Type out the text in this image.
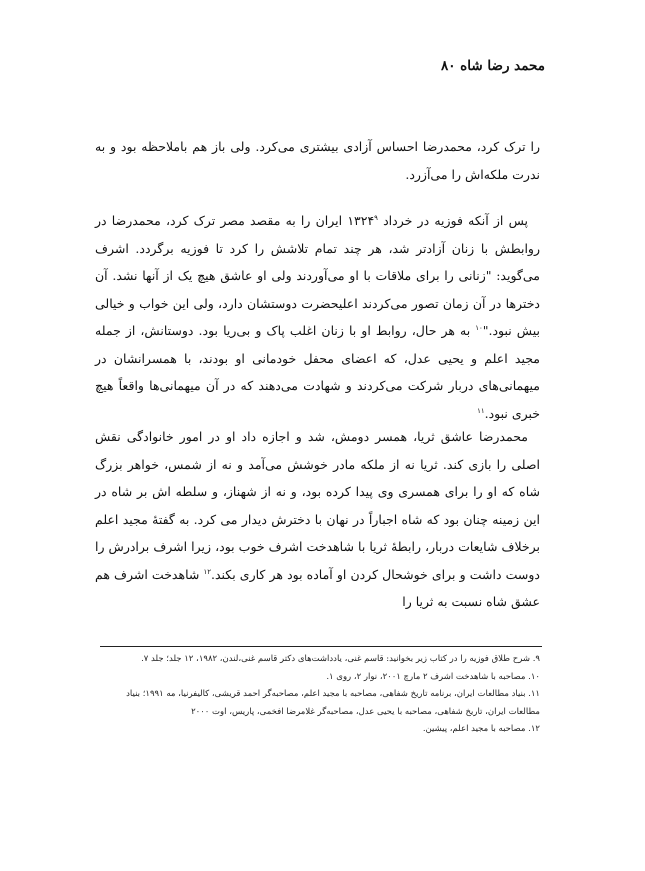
محمد رضا شاه ۸۰

را ترک کرد، محمدرضا احساس آزادی بیشتری می‌کرد. ولی باز هم باملاحظه بود و به ندرت ملکه‌اش را می‌آزرد.

پس از آنکه فوزیه در خرداد ۱۳۲۴$^۹$ ایران را به مقصد مصر ترک کرد، محمدرضا در روابطش با زنان آزادتر شد، هر چند تمام تلاشش را کرد تا فوزیه برگردد. اشرف می‌گوید: "زنانی را برای ملاقات با او می‌آوردند ولی او عاشق هیچ یک از آنها نشد. آن دخترها در آن زمان تصور می‌کردند اعلیحضرت دوستشان دارد، ولی این خواب و خیالی بیش نبود."$^{۱۰}$ به هر حال، روابط او با زنان اغلب پاک و بی‌ریا بود. دوستانش، از جمله مجید اعلم و یحیی عدل، که اعضای محفل خودمانی او بودند، با همسرانشان در میهمانی‌های دربار شرکت می‌کردند و شهادت می‌دهند که در آن میهمانی‌ها واقعاً هیچ خبری نبود.$^{۱۱}$

محمدرضا عاشق ثریا، همسر دومش، شد و اجازه داد او در امور خانوادگی نقش اصلی را بازی کند. ثریا نه از ملکه مادر خوشش می‌آمد و نه از شمس، خواهر بزرگ شاه که او را برای همسری وی پیدا کرده بود، و نه از شهناز، و سلطه اش بر شاه در این زمینه چنان بود که شاه اجباراً در نهان با دخترش دیدار می کرد. به گفتهٔ مجید اعلم برخلاف شایعات دربار، رابطهٔ ثریا با شاهدخت اشرف خوب بود، زیرا اشرف برادرش را دوست داشت و برای خوشحال کردن او آماده بود هر کاری بکند.$^{۱۲}$ شاهدخت اشرف هم عشق شاه نسبت به ثریا را

۹. شرح طلاق فوزیه را در کتاب زیر بخوانید: قاسم غنی، یادداشت‌های دکتر قاسم غنی،لندن، ۱۹۸۲، ۱۲ جلد؛ جلد ۷.

۱۰. مصاحبه با شاهدخت اشرف ۲ مارچ ۲۰۰۱، نوار ۲، روی ۱.

۱۱. بنیاد مطالعات ایران، برنامه تاریخ شفاهی، مصاحبه با مجید اعلم، مصاحبه‌گر احمد قریشی، کالیفرنیا، مه ۱۹۹۱؛ بنیاد مطالعات ایران، تاریخ شفاهی، مصاحبه با یحیی عدل، مصاحبه‌گر غلامرضا افخمی، پاریس، اوت ۲۰۰۰

۱۲. مصاحبه با مجید اعلم، پیشین.
